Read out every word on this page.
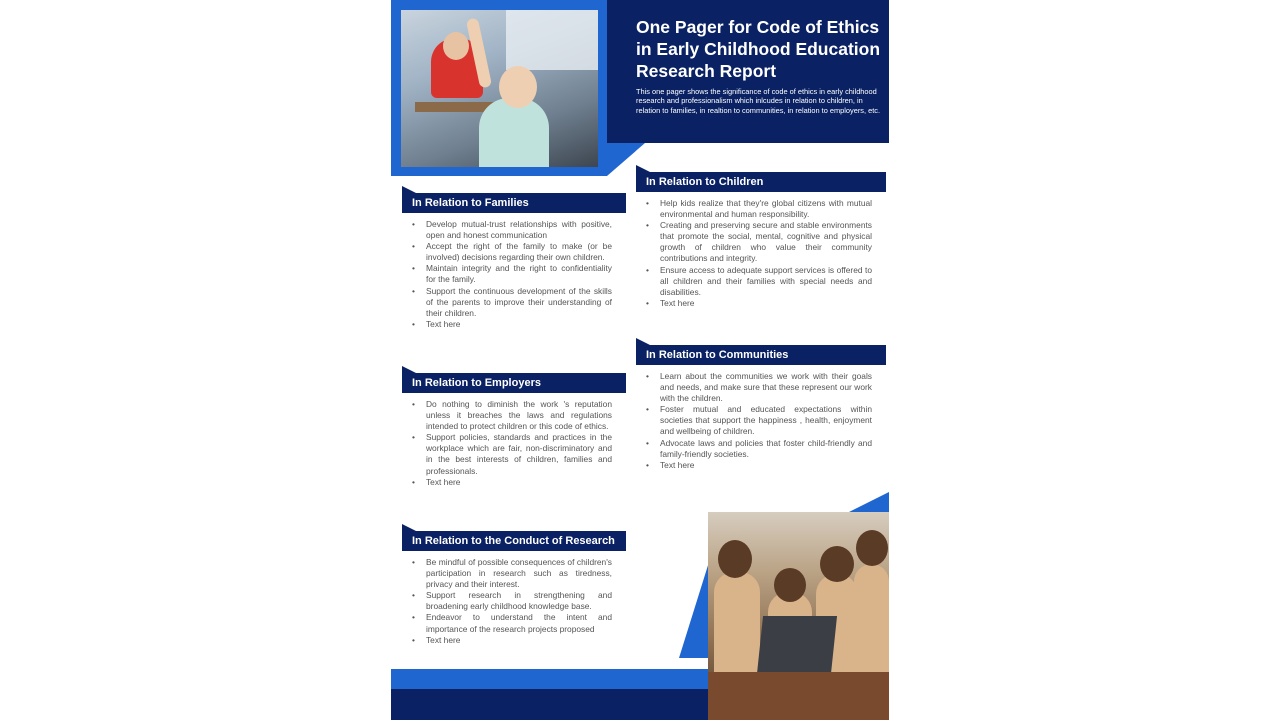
One Pager for Code of Ethics in Early Childhood Education Research Report
This one pager shows the significance of code of ethics in early childhood research and professionalism which inlcudes in relation to children, in relation to families, in realtion to communities, in relation to employers, etc.
In Relation to Families
• Develop mutual-trust relationships with positive, open and honest communication
• Accept the right of the family to make (or be involved) decisions regarding their own children.
• Maintain integrity and the right to confidentiality for the family.
• Support the continuous development of the skills of the parents to improve their understanding of their children.
• Text here
In Relation to Children
• Help kids realize that they're global citizens with mutual environmental and human responsibility.
• Creating and preserving secure and stable environments that promote the social, mental, cognitive and physical growth of children who value their community contributions and integrity.
• Ensure access to adequate support services is offered to all children and their families with special needs and disabilities.
• Text here
In Relation to Communities
• Learn about the communities we work with their goals and needs, and make sure that these represent our work with the children.
• Foster mutual and educated expectations within societies that support the happiness , health, enjoyment and wellbeing of children.
• Advocate laws and policies that foster child-friendly and family-friendly societies.
• Text here
In Relation to Employers
• Do nothing to diminish the work 's reputation unless it breaches the laws and regulations intended to protect children or this code of ethics.
• Support policies, standards and practices in the workplace which are fair, non-discriminatory and in the best interests of children, families and professionals.
• Text here
In Relation to the Conduct of Research
• Be mindful of possible consequences of children's participation in research such as tiredness, privacy and their interest.
• Support research in strengthening and broadening early childhood knowledge base.
• Endeavor to understand the intent and importance of the research projects proposed
• Text here
